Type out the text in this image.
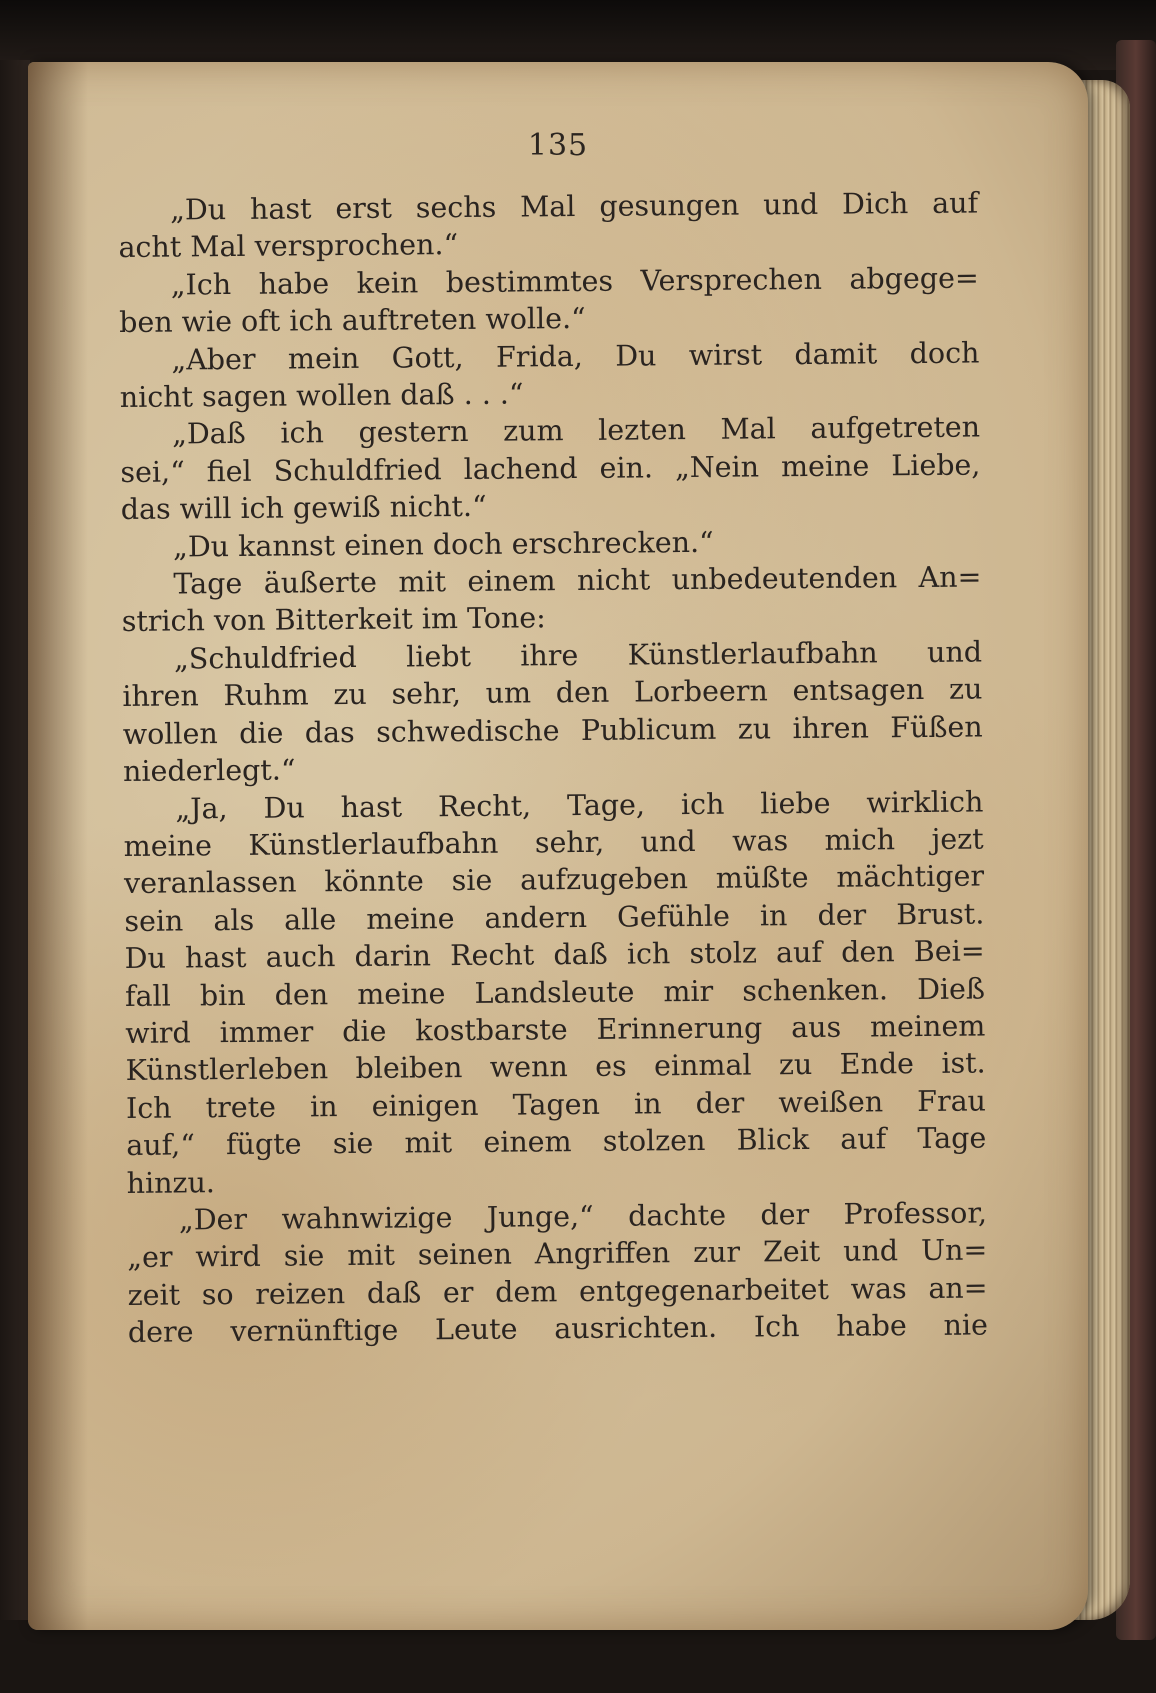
135
„Du hast erst sechs Mal gesungen und Dich auf
acht Mal versprochen.“
„Ich habe kein bestimmtes Versprechen abgege=
ben wie oft ich auftreten wolle.“
„Aber mein Gott, Frida, Du wirst damit doch
nicht sagen wollen daß . . .“
„Daß ich gestern zum lezten Mal aufgetreten
sei,“ fiel Schuldfried lachend ein. „Nein meine Liebe,
das will ich gewiß nicht.“
„Du kannst einen doch erschrecken.“
Tage äußerte mit einem nicht unbedeutenden An=
strich von Bitterkeit im Tone:
„Schuldfried liebt ihre Künstlerlaufbahn und
ihren Ruhm zu sehr, um den Lorbeern entsagen zu
wollen die das schwedische Publicum zu ihren Füßen
niederlegt.“
„Ja, Du hast Recht, Tage, ich liebe wirklich
meine Künstlerlaufbahn sehr, und was mich jezt
veranlassen könnte sie aufzugeben müßte mächtiger
sein als alle meine andern Gefühle in der Brust.
Du hast auch darin Recht daß ich stolz auf den Bei=
fall bin den meine Landsleute mir schenken. Dieß
wird immer die kostbarste Erinnerung aus meinem
Künstlerleben bleiben wenn es einmal zu Ende ist.
Ich trete in einigen Tagen in der weißen Frau
auf,“ fügte sie mit einem stolzen Blick auf Tage
hinzu.
„Der wahnwizige Junge,“ dachte der Professor,
„er wird sie mit seinen Angriffen zur Zeit und Un=
zeit so reizen daß er dem entgegenarbeitet was an=
dere vernünftige Leute ausrichten. Ich habe nie
